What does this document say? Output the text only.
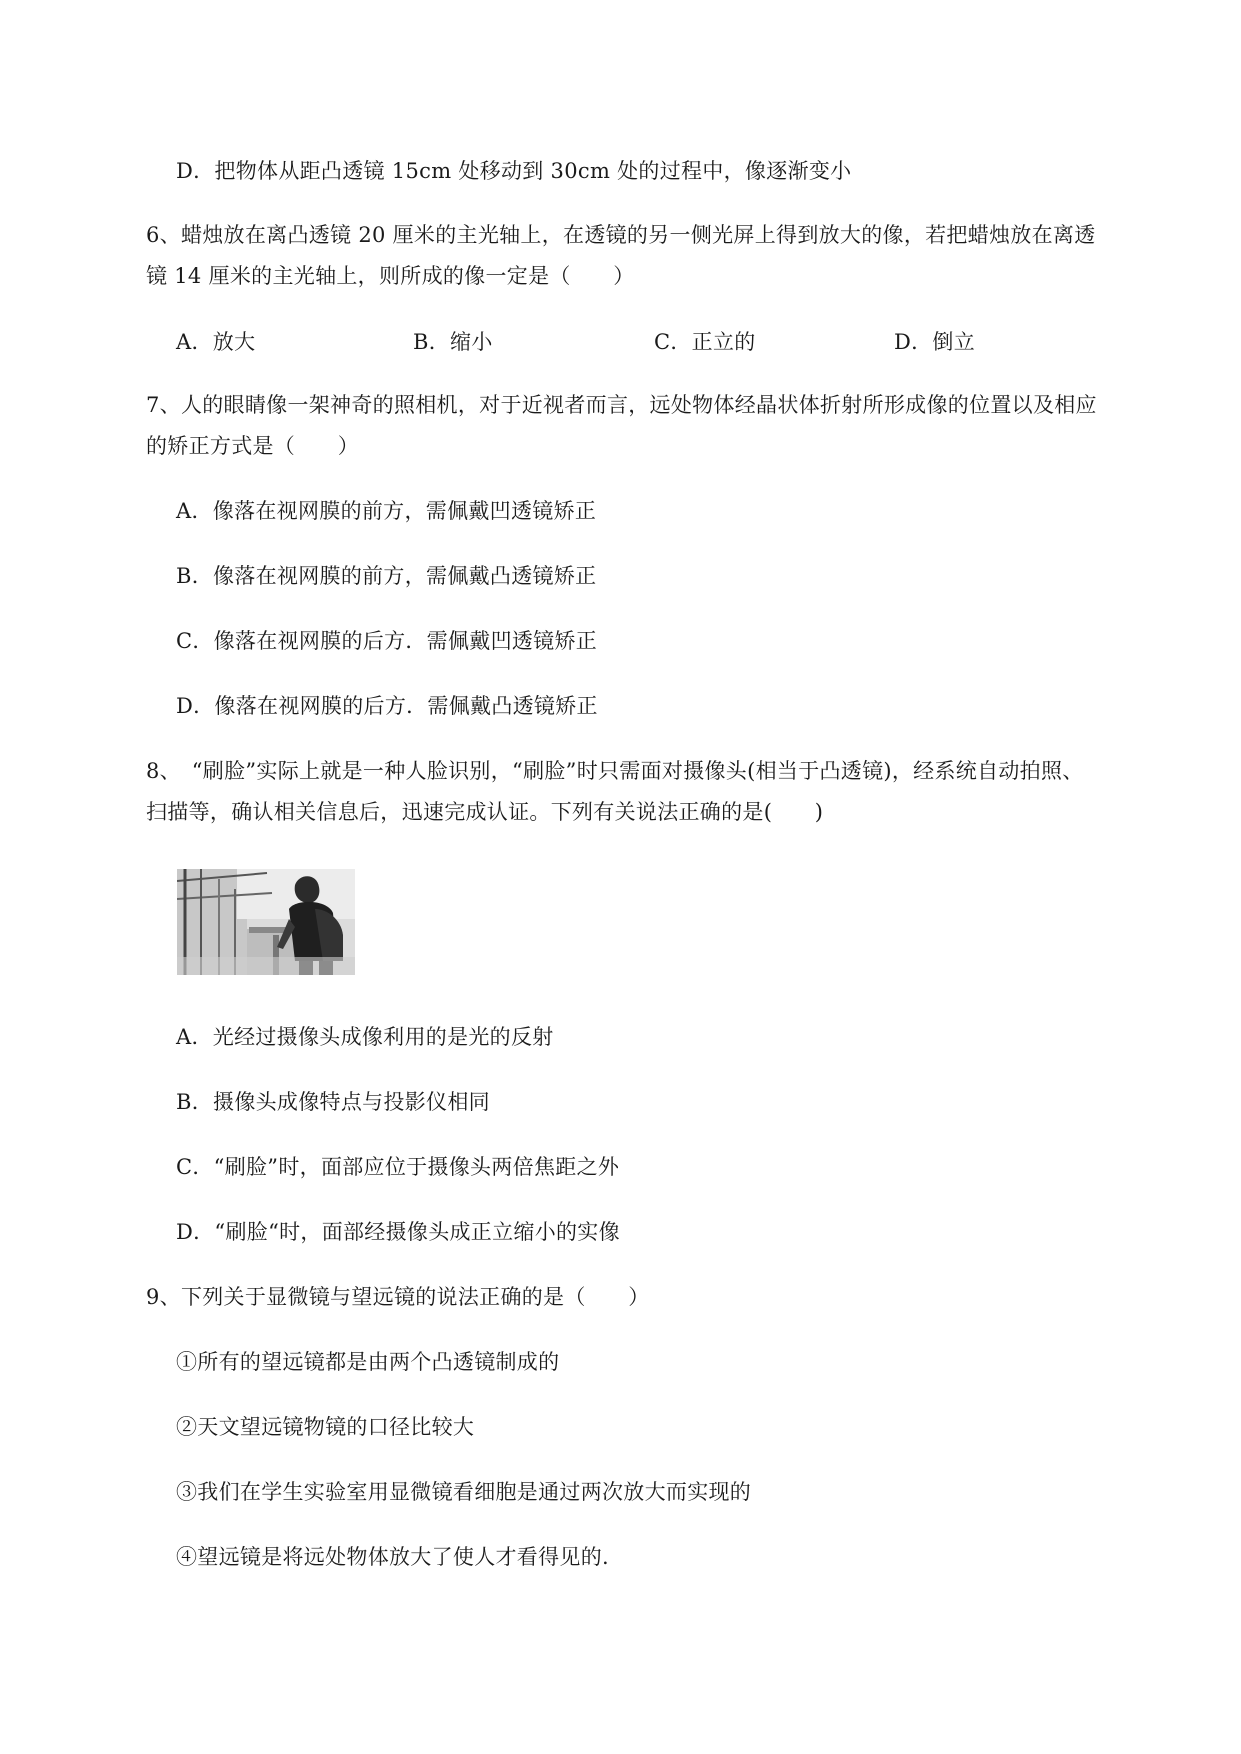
D．把物体从距凸透镜 15cm 处移动到 30cm 处的过程中，像逐渐变小
6、蜡烛放在离凸透镜 20 厘米的主光轴上，在透镜的另一侧光屏上得到放大的像，若把蜡烛放在离透
镜 14 厘米的主光轴上，则所成的像一定是（　　）
A．放大	B．缩小	C．正立的	D．倒立
7、人的眼睛像一架神奇的照相机，对于近视者而言，远处物体经晶状体折射所形成像的位置以及相应
的矫正方式是（　　）
A．像落在视网膜的前方，需佩戴凹透镜矫正
B．像落在视网膜的前方，需佩戴凸透镜矫正
C．像落在视网膜的后方．需佩戴凹透镜矫正
D．像落在视网膜的后方．需佩戴凸透镜矫正
8、　“刷脸”实际上就是一种人脸识别，“刷脸”时只需面对摄像头(相当于凸透镜)，经系统自动拍照、
扫描等，确认相关信息后，迅速完成认证。下列有关说法正确的是(　　)
A．光经过摄像头成像利用的是光的反射
B．摄像头成像特点与投影仪相同
C．“刷脸”时，面部应位于摄像头两倍焦距之外
D．“刷脸“时，面部经摄像头成正立缩小的实像
9、下列关于显微镜与望远镜的说法正确的是（　　）
①所有的望远镜都是由两个凸透镜制成的
②天文望远镜物镜的口径比较大
③我们在学生实验室用显微镜看细胞是通过两次放大而实现的
④望远镜是将远处物体放大了使人才看得见的.
